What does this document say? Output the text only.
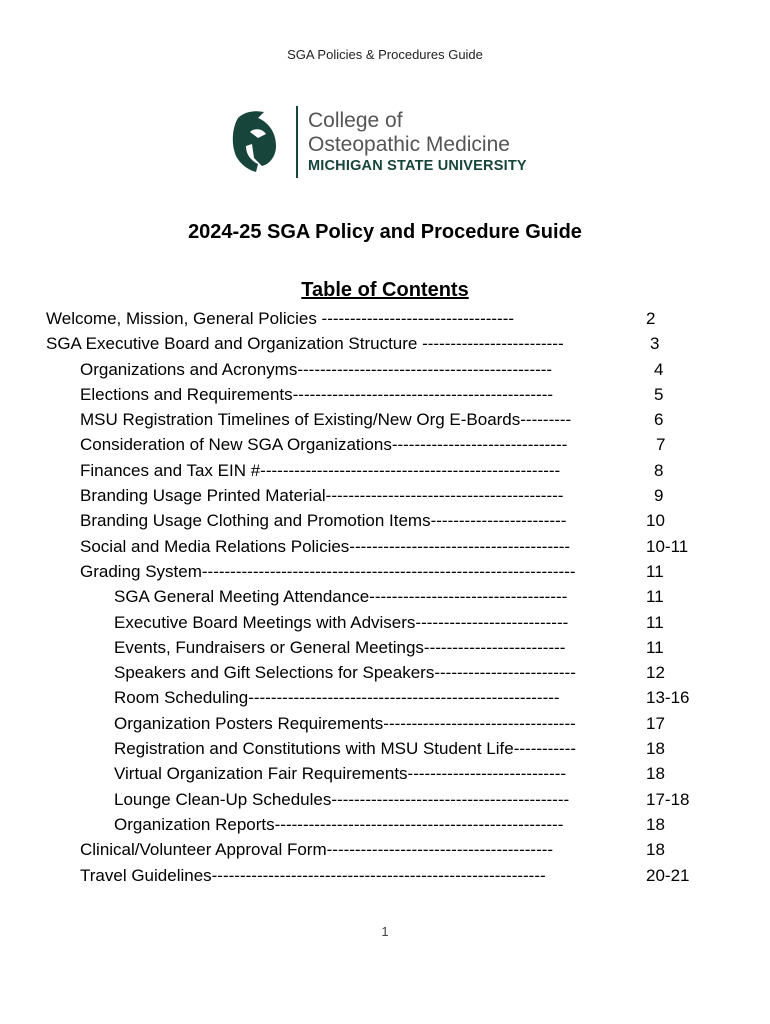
SGA Policies & Procedures Guide
College of
Osteopathic Medicine
MICHIGAN STATE UNIVERSITY
2024-25 SGA Policy and Procedure Guide
Table of Contents
Welcome, Mission, General Policies ----------------------------------	2
SGA Executive Board and Organization Structure -------------------------	3
Organizations and Acronyms---------------------------------------------	4
Elections and Requirements----------------------------------------------	5
MSU Registration Timelines of Existing/New Org E-Boards---------	6
Consideration of New SGA Organizations-------------------------------	7
Finances and Tax EIN #-----------------------------------------------------	8
Branding Usage Printed Material------------------------------------------	9
Branding Usage Clothing and Promotion Items------------------------	10
Social and Media Relations Policies---------------------------------------	10-11
Grading System------------------------------------------------------------------	11
SGA General Meeting Attendance-----------------------------------	11
Executive Board Meetings with Advisers---------------------------	11
Events, Fundraisers or General Meetings-------------------------	11
Speakers and Gift Selections for Speakers-------------------------	12
Room Scheduling-------------------------------------------------------	13-16
Organization Posters Requirements----------------------------------	17
Registration and Constitutions with MSU Student Life-----------	18
Virtual Organization Fair Requirements----------------------------	18
Lounge Clean-Up Schedules------------------------------------------	17-18
Organization Reports---------------------------------------------------	18
Clinical/Volunteer Approval Form----------------------------------------	18
Travel Guidelines-----------------------------------------------------------	20-21
1
